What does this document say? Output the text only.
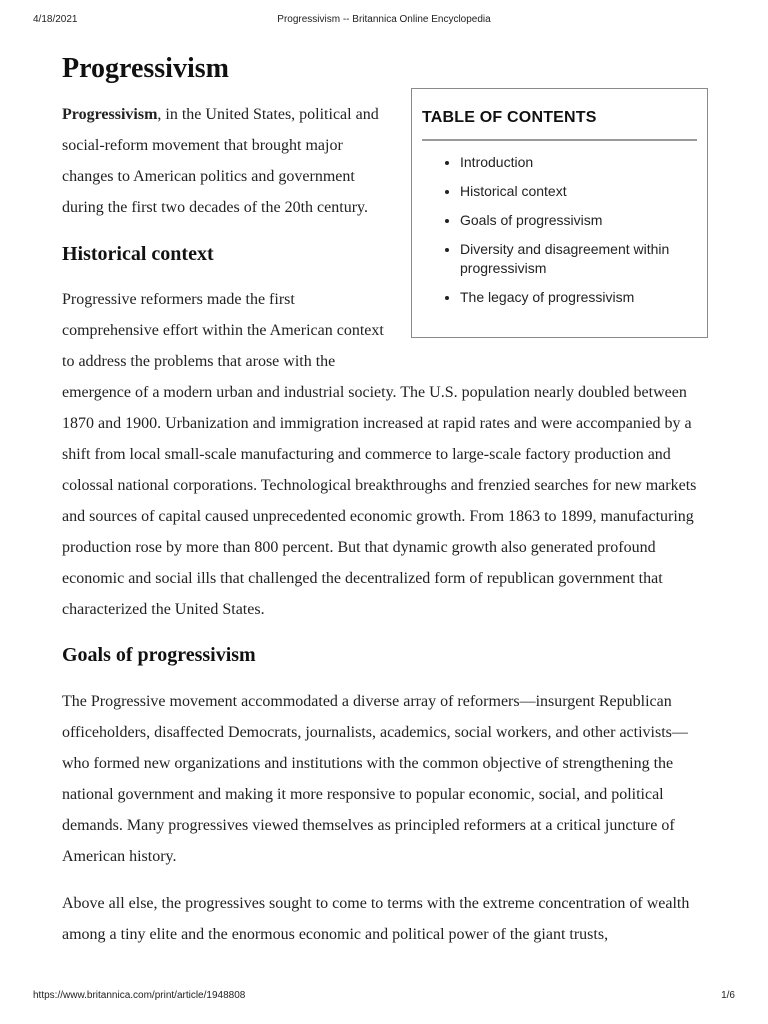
4/18/2021	Progressivism -- Britannica Online Encyclopedia
Progressivism
TABLE OF CONTENTS
• Introduction
• Historical context
• Goals of progressivism
• Diversity and disagreement within progressivism
• The legacy of progressivism

Progressivism, in the United States, political and social-reform movement that brought major changes to American politics and government during the first two decades of the 20th century.

Historical context

Progressive reformers made the first comprehensive effort within the American context to address the problems that arose with the emergence of a modern urban and industrial society. The U.S. population nearly doubled between 1870 and 1900. Urbanization and immigration increased at rapid rates and were accompanied by a shift from local small-scale manufacturing and commerce to large-scale factory production and colossal national corporations. Technological breakthroughs and frenzied searches for new markets and sources of capital caused unprecedented economic growth. From 1863 to 1899, manufacturing production rose by more than 800 percent. But that dynamic growth also generated profound economic and social ills that challenged the decentralized form of republican government that characterized the United States.

Goals of progressivism

The Progressive movement accommodated a diverse array of reformers—insurgent Republican officeholders, disaffected Democrats, journalists, academics, social workers, and other activists—who formed new organizations and institutions with the common objective of strengthening the national government and making it more responsive to popular economic, social, and political demands. Many progressives viewed themselves as principled reformers at a critical juncture of American history.

Above all else, the progressives sought to come to terms with the extreme concentration of wealth among a tiny elite and the enormous economic and political power of the giant trusts,

https://www.britannica.com/print/article/1948808	1/6
